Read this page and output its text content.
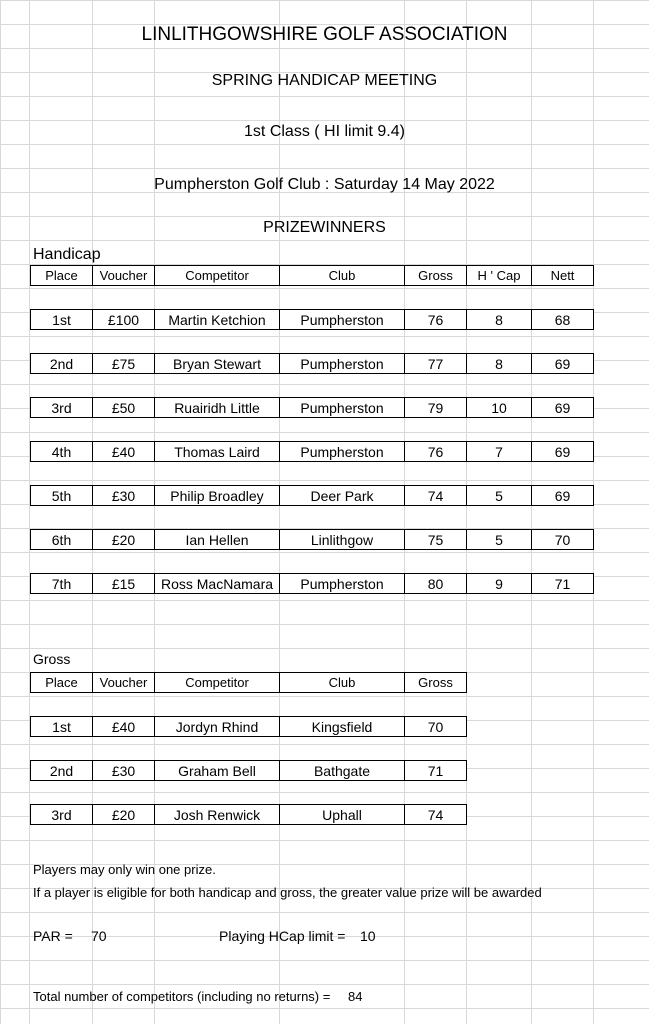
LINLITHGOWSHIRE GOLF ASSOCIATION
SPRING HANDICAP MEETING
1st Class ( HI limit 9.4)
Pumpherston Golf Club : Saturday 14 May 2022
PRIZEWINNERS
Handicap
Place	Voucher	Competitor	Club	Gross	H ' Cap	Nett

1st	£100	Martin Ketchion	Pumpherston	76	8	68

2nd	£75	Bryan Stewart	Pumpherston	77	8	69

3rd	£50	Ruairidh Little	Pumpherston	79	10	69

4th	£40	Thomas Laird	Pumpherston	76	7	69

5th	£30	Philip Broadley	Deer Park	74	5	69

6th	£20	Ian Hellen	Linlithgow	75	5	70

7th	£15	Ross MacNamara	Pumpherston	80	9	71
Gross
Place	Voucher	Competitor	Club	Gross

1st	£40	Jordyn Rhind	Kingsfield	70

2nd	£30	Graham Bell	Bathgate	71

3rd	£20	Josh Renwick	Uphall	74
Players may only win one prize.
If a player is eligible for both handicap and gross, the greater value prize will be awarded
PAR = 70	Playing HCap limit = 10
Total number of competitors (including no returns) = 84
